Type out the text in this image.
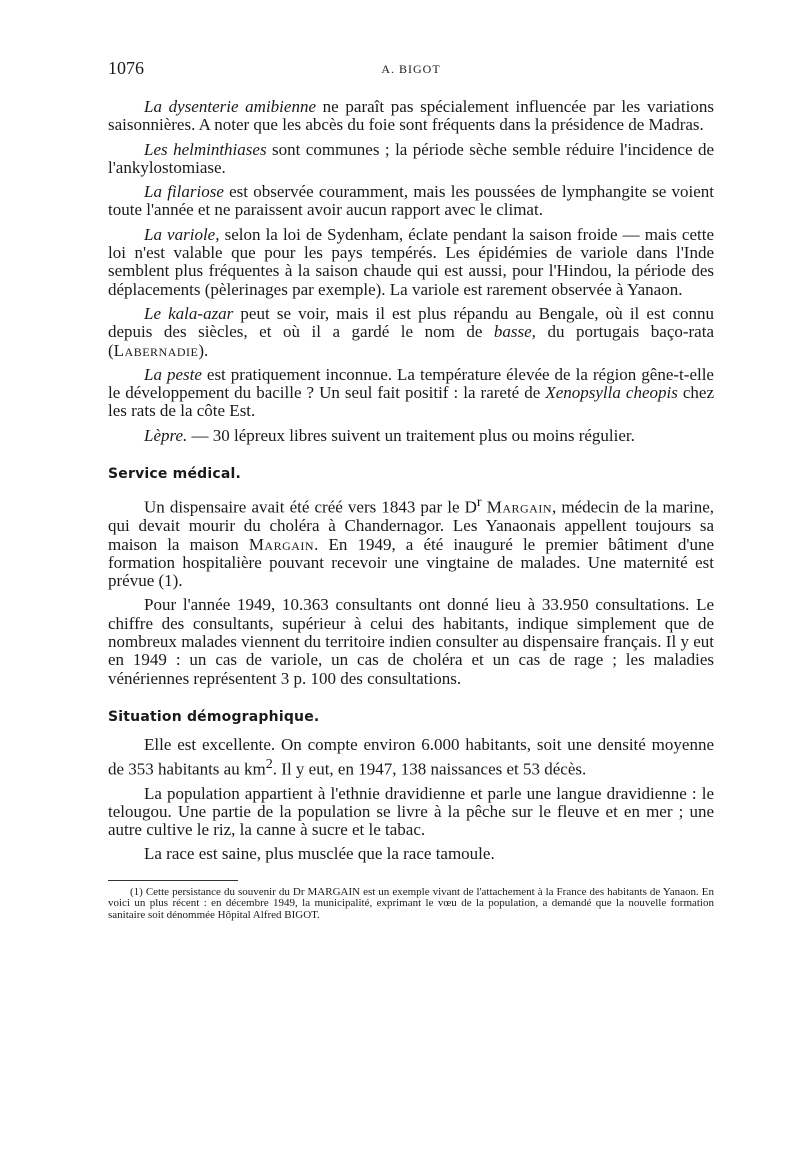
1076	A. BIGOT

La dysenterie amibienne ne paraît pas spécialement influencée par les variations saisonnières. A noter que les abcès du foie sont fréquents dans la présidence de Madras.

Les helminthiases sont communes ; la période sèche semble réduire l'incidence de l'ankylostomiase.

La filariose est observée couramment, mais les poussées de lymphangite se voient toute l'année et ne paraissent avoir aucun rapport avec le climat.

La variole, selon la loi de Sydenham, éclate pendant la saison froide — mais cette loi n'est valable que pour les pays tempérés. Les épidémies de variole dans l'Inde semblent plus fréquentes à la saison chaude qui est aussi, pour l'Hindou, la période des déplacements (pèlerinages par exemple). La variole est rarement observée à Yanaon.

Le kala-azar peut se voir, mais il est plus répandu au Bengale, où il est connu depuis des siècles, et où il a gardé le nom de basse, du portugais baço-rata (Labernadie).

La peste est pratiquement inconnue. La température élevée de la région gêne-t-elle le développement du bacille ? Un seul fait positif : la rareté de Xenopsylla cheopis chez les rats de la côte Est.

Lèpre. — 30 lépreux libres suivent un traitement plus ou moins régulier.

Service médical.

Un dispensaire avait été créé vers 1843 par le $D^r$ Margain, médecin de la marine, qui devait mourir du choléra à Chandernagor. Les Yanaonais appellent toujours sa maison la maison Margain. En 1949, a été inauguré le premier bâtiment d'une formation hospitalière pouvant recevoir une vingtaine de malades. Une maternité est prévue (1).

Pour l'année 1949, 10.363 consultants ont donné lieu à 33.950 consultations. Le chiffre des consultants, supérieur à celui des habitants, indique simplement que de nombreux malades viennent du territoire indien consulter au dispensaire français. Il y eut en 1949 : un cas de variole, un cas de choléra et un cas de rage ; les maladies vénériennes représentent 3 p. 100 des consultations.

Situation démographique.

Elle est excellente. On compte environ 6.000 habitants, soit une densité moyenne de 353 habitants au $km^2$. Il y eut, en 1947, 138 naissances et 53 décès.

La population appartient à l'ethnie dravidienne et parle une langue dravidienne : le telougou. Une partie de la population se livre à la pêche sur le fleuve et en mer ; une autre cultive le riz, la canne à sucre et le tabac.

La race est saine, plus musclée que la race tamoule.

(1) Cette persistance du souvenir du Dr MARGAIN est un exemple vivant de l'attachement à la France des habitants de Yanaon. En voici un plus récent : en décembre 1949, la municipalité, exprimant le vœu de la population, a demandé que la nouvelle formation sanitaire soit dénommée Hôpital Alfred BIGOT.
